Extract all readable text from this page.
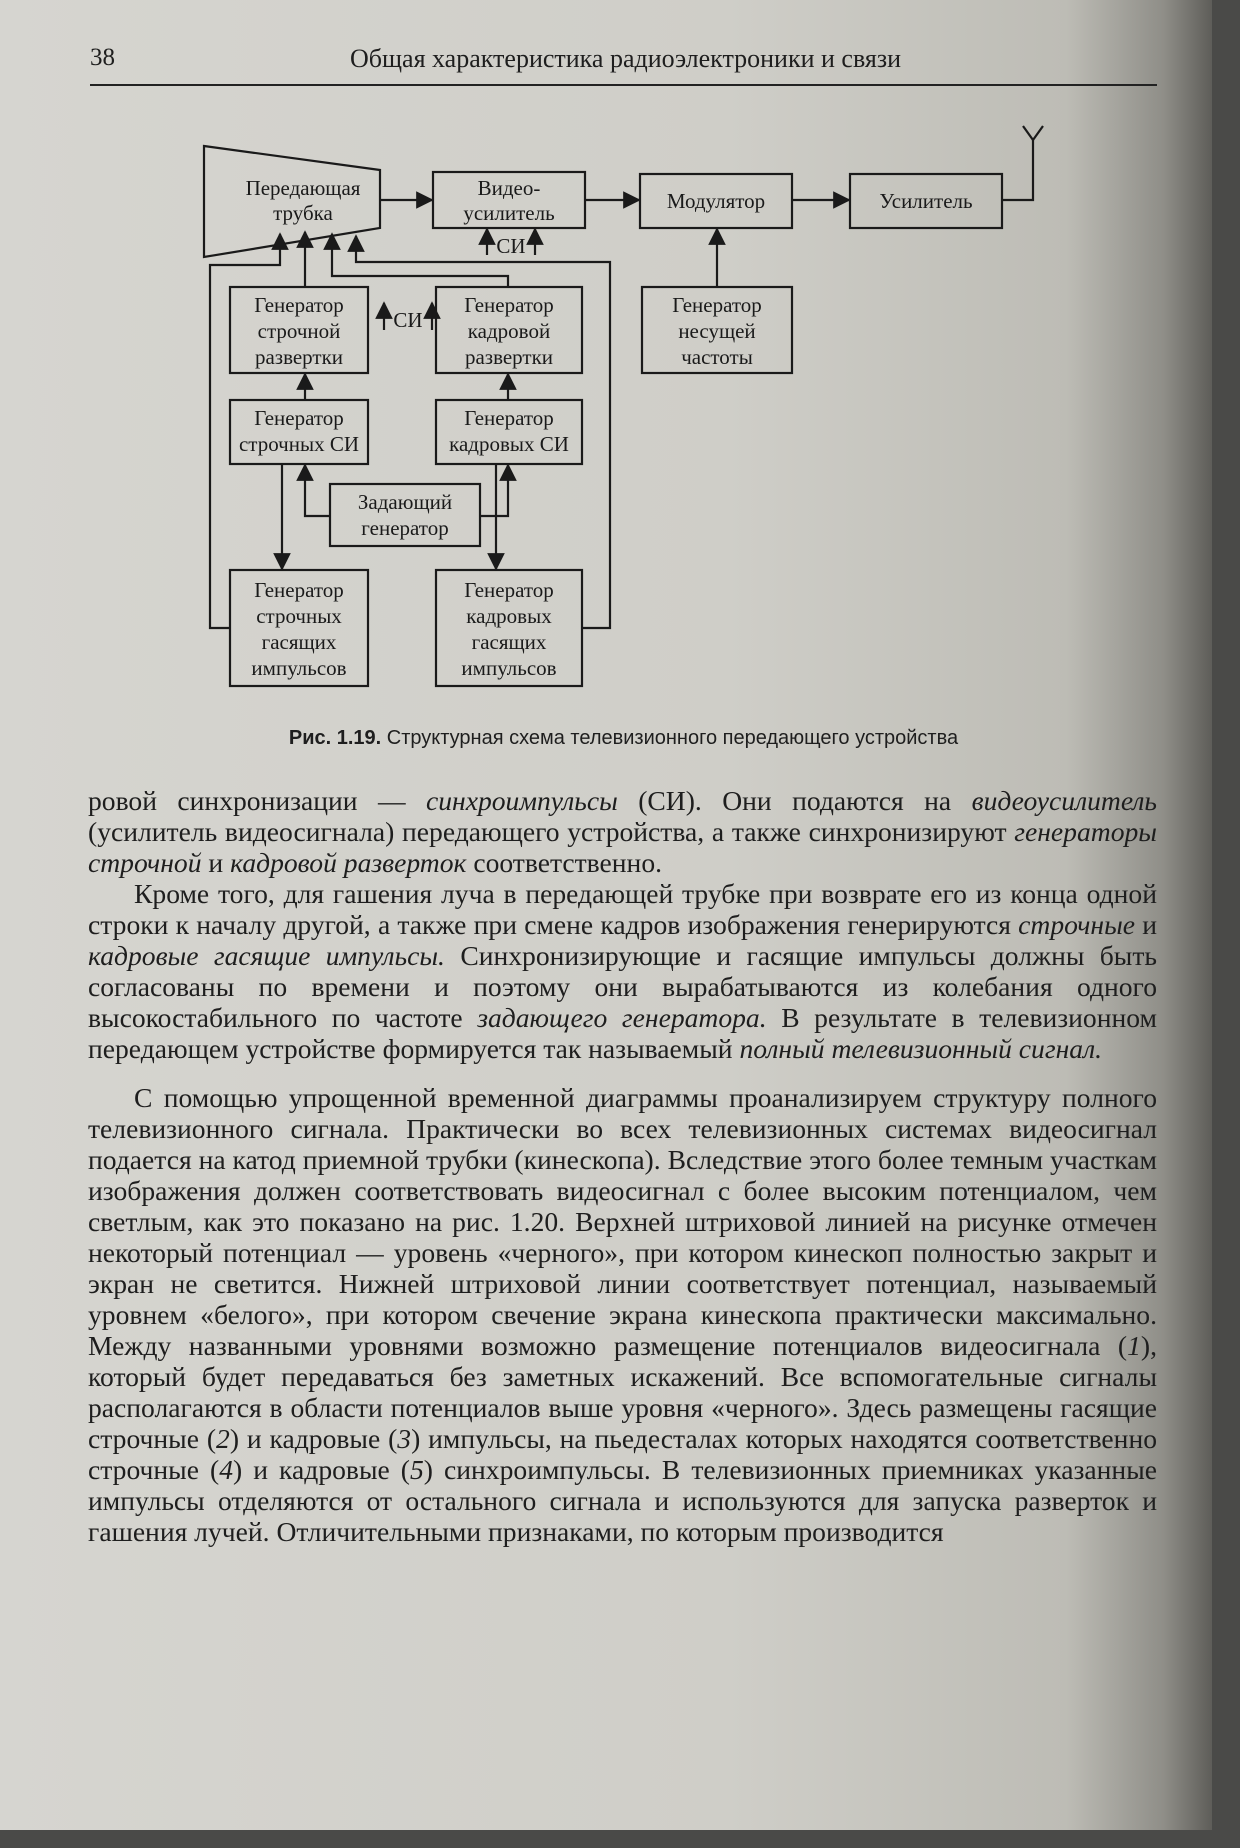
38	Общая характеристика радиоэлектроники и связи
Передающая
трубка
Видео-
усилитель	Модулятор	Усилитель
Генератор
строчной
развертки
Генератор
кадровой
развертки
Генератор
несущей
частоты
Генератор
строчных СИ
Генератор
кадровых СИ
Задающий
генератор
Генератор
строчных
гасящих
импульсов
Генератор
кадровых
гасящих
импульсов
СИ
СИ
Рис. 1.19. Структурная схема телевизионного передающего устройства

ровой синхронизации — синхроимпульсы (СИ). Они подаются на видеоусилитель (усилитель видеосигнала) передающего устройства, а также синхронизируют генераторы строчной и кадровой разверток соответственно.

Кроме того, для гашения луча в передающей трубке при возврате его из конца одной строки к началу другой, а также при смене кадров изображения генерируются строчные и кадровые гасящие импульсы. Синхронизирующие и гасящие импульсы должны быть согласованы по времени и поэтому они вырабатываются из колебания одного высокостабильного по частоте задающего генератора. В результате в телевизионном передающем устройстве формируется так называемый полный телевизионный сигнал.

С помощью упрощенной временной диаграммы проанализируем структуру полного телевизионного сигнала. Практически во всех телевизионных системах видеосигнал подается на катод приемной трубки (кинескопа). Вследствие этого более темным участкам изображения должен соответствовать видеосигнал с более высоким потенциалом, чем светлым, как это показано на рис. 1.20. Верхней штриховой линией на рисунке отмечен некоторый потенциал — уровень «черного», при котором кинескоп полностью закрыт и экран не светится. Нижней штриховой линии соответствует потенциал, называемый уровнем «белого», при котором свечение экрана кинескопа практически максимально. Между названными уровнями возможно размещение потенциалов видеосигнала (1), который будет передаваться без заметных искажений. Все вспомогательные сигналы располагаются в области потенциалов выше уровня «черного». Здесь размещены гасящие строчные (2) и кадровые (3) импульсы, на пьедесталах которых находятся соответственно строчные (4) и кадровые (5) синхроимпульсы. В телевизионных приемниках указанные импульсы отделяются от остального сигнала и используются для запуска разверток и гашения лучей. Отличительными признаками, по которым производится
